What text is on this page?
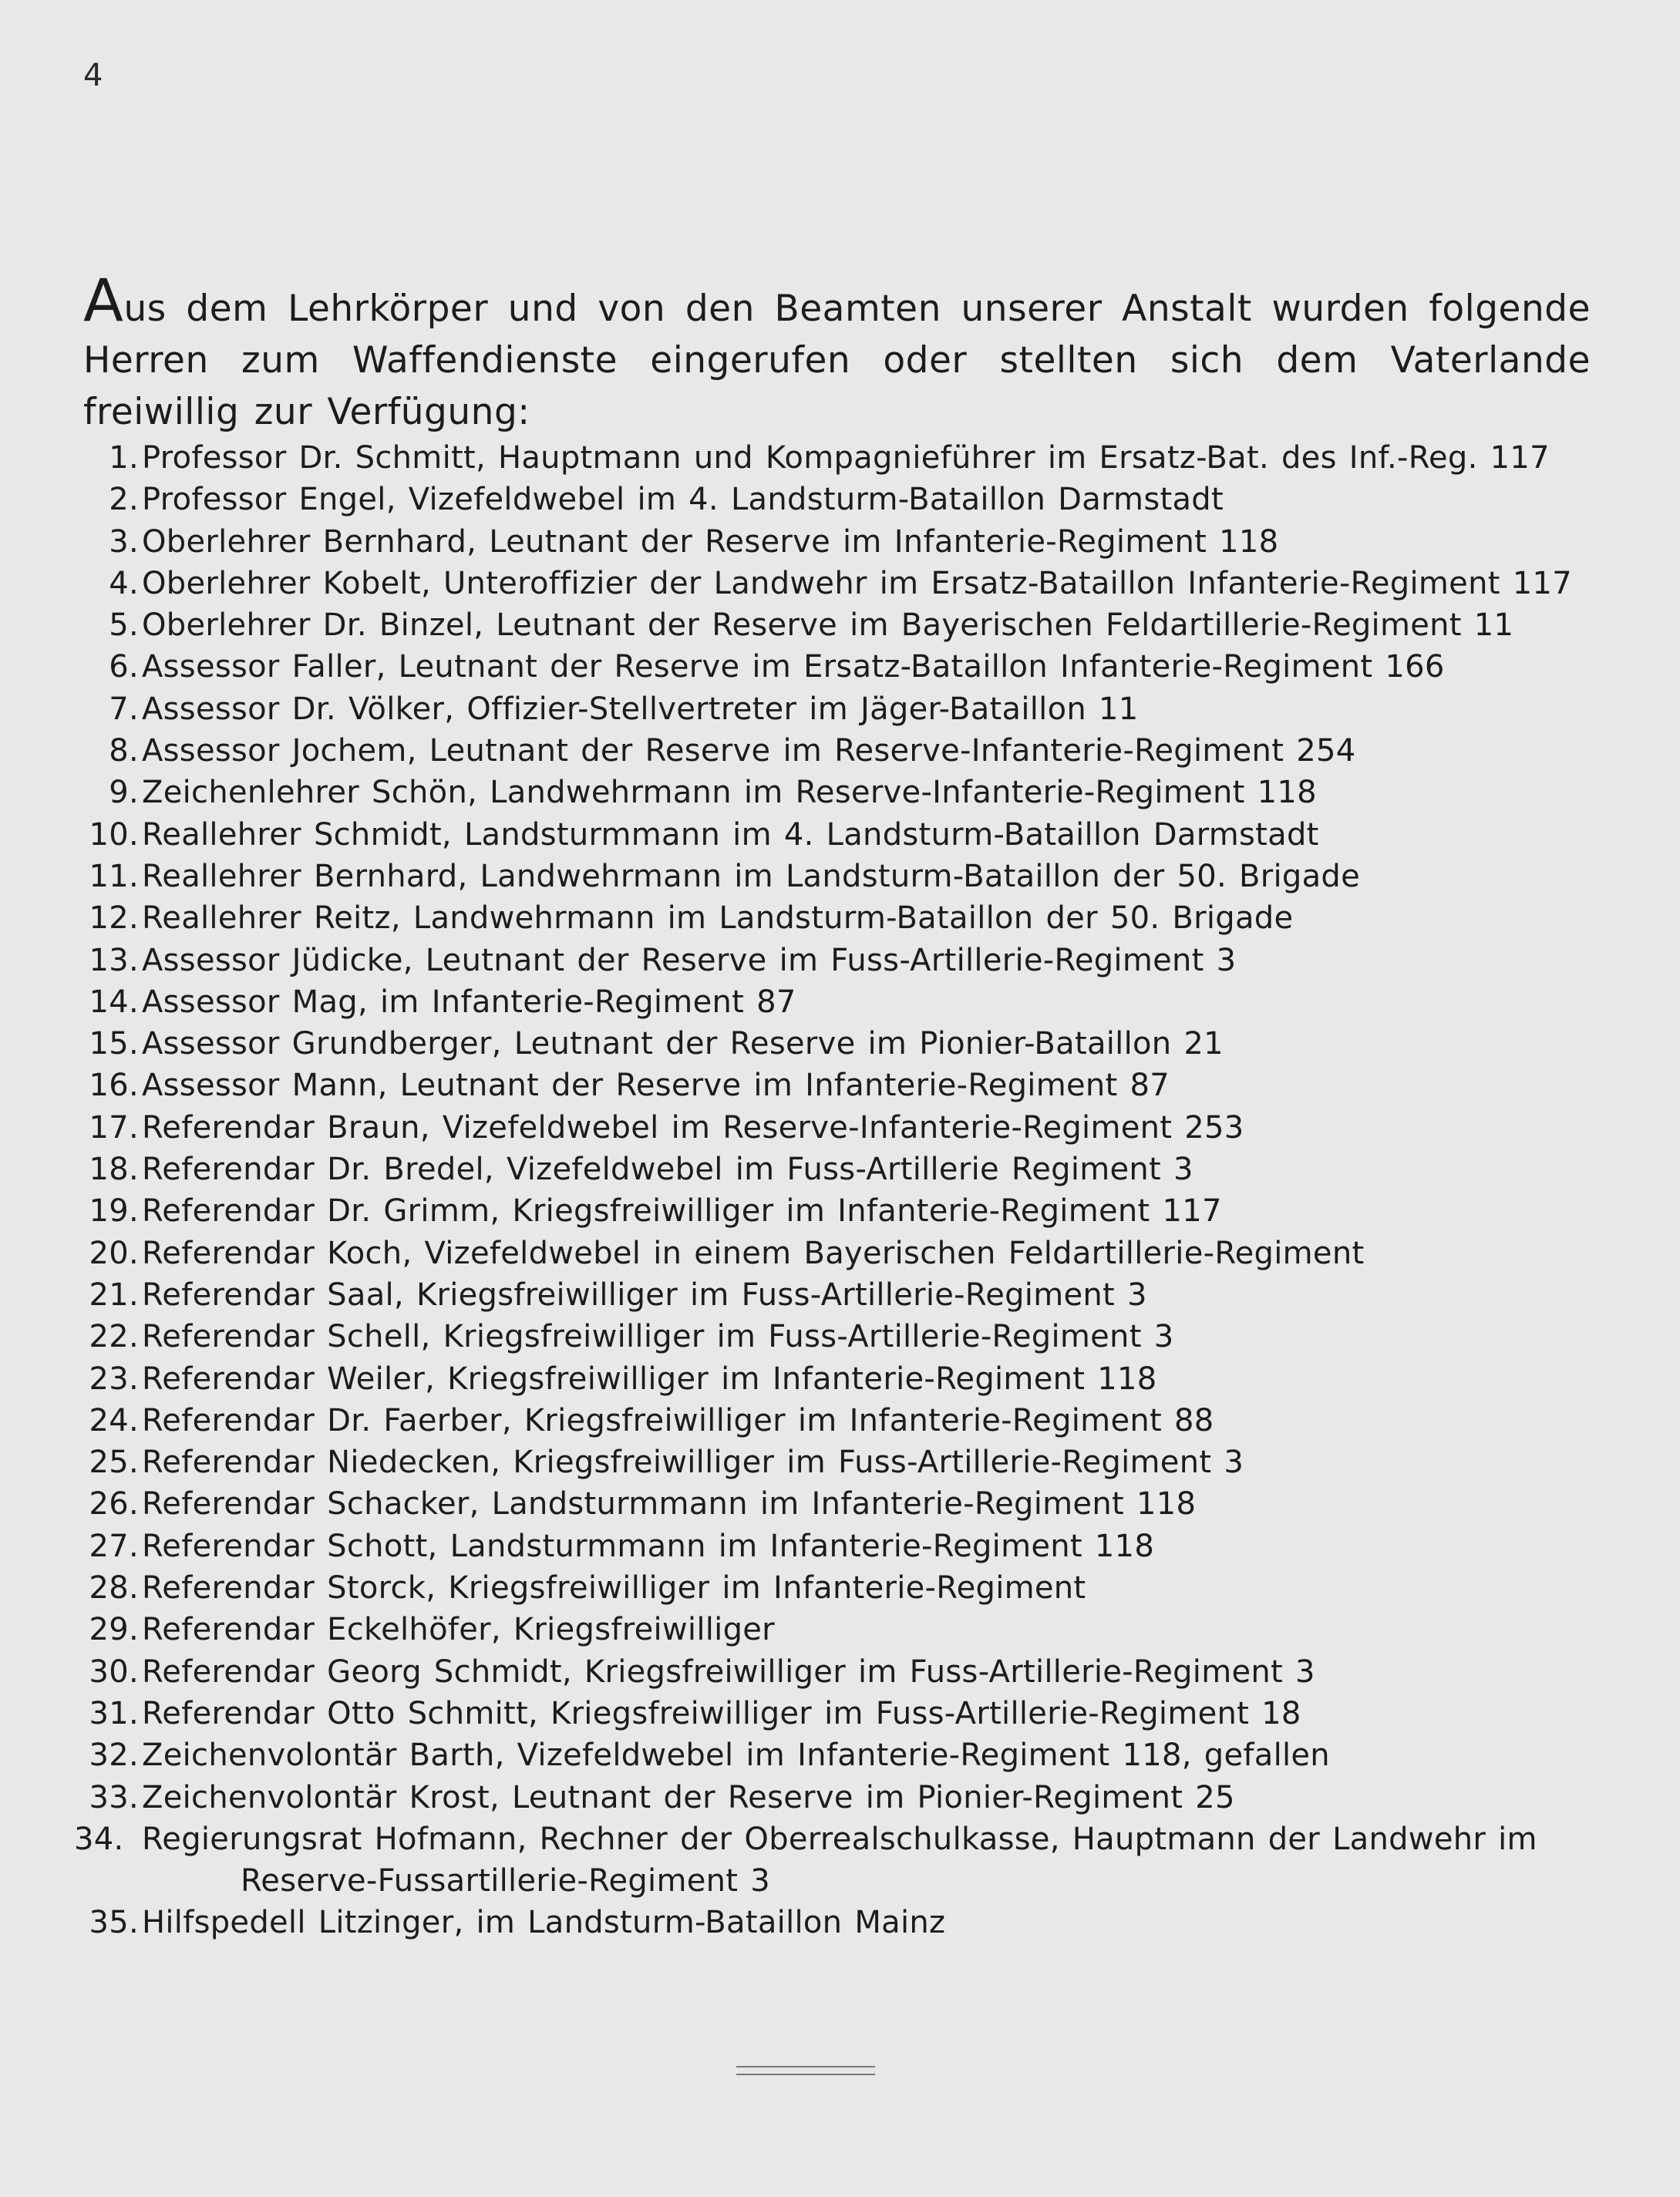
4

Aus dem Lehrkörper und von den Beamten unserer Anstalt wurden folgende Herren zum Waffendienste eingerufen oder stellten sich dem Vaterlande freiwillig zur Verfügung:

1. Professor Dr. Schmitt, Hauptmann und Kompagnieführer im Ersatz-Bat. des Inf.-Reg. 117
2. Professor Engel, Vizefeldwebel im 4. Landsturm-Bataillon Darmstadt
3. Oberlehrer Bernhard, Leutnant der Reserve im Infanterie-Regiment 118
4. Oberlehrer Kobelt, Unteroffizier der Landwehr im Ersatz-Bataillon Infanterie-Regiment 117
5. Oberlehrer Dr. Binzel, Leutnant der Reserve im Bayerischen Feldartillerie-Regiment 11
6. Assessor Faller, Leutnant der Reserve im Ersatz-Bataillon Infanterie-Regiment 166
7. Assessor Dr. Völker, Offizier-Stellvertreter im Jäger-Bataillon 11
8. Assessor Jochem, Leutnant der Reserve im Reserve-Infanterie-Regiment 254
9. Zeichenlehrer Schön, Landwehrmann im Reserve-Infanterie-Regiment 118
10. Reallehrer Schmidt, Landsturmmann im 4. Landsturm-Bataillon Darmstadt
11. Reallehrer Bernhard, Landwehrmann im Landsturm-Bataillon der 50. Brigade
12. Reallehrer Reitz, Landwehrmann im Landsturm-Bataillon der 50. Brigade
13. Assessor Jüdicke, Leutnant der Reserve im Fuss-Artillerie-Regiment 3
14. Assessor Mag, im Infanterie-Regiment 87
15. Assessor Grundberger, Leutnant der Reserve im Pionier-Bataillon 21
16. Assessor Mann, Leutnant der Reserve im Infanterie-Regiment 87
17. Referendar Braun, Vizefeldwebel im Reserve-Infanterie-Regiment 253
18. Referendar Dr. Bredel, Vizefeldwebel im Fuss-Artillerie Regiment 3
19. Referendar Dr. Grimm, Kriegsfreiwilliger im Infanterie-Regiment 117
20. Referendar Koch, Vizefeldwebel in einem Bayerischen Feldartillerie-Regiment
21. Referendar Saal, Kriegsfreiwilliger im Fuss-Artillerie-Regiment 3
22. Referendar Schell, Kriegsfreiwilliger im Fuss-Artillerie-Regiment 3
23. Referendar Weiler, Kriegsfreiwilliger im Infanterie-Regiment 118
24. Referendar Dr. Faerber, Kriegsfreiwilliger im Infanterie-Regiment 88
25. Referendar Niedecken, Kriegsfreiwilliger im Fuss-Artillerie-Regiment 3
26. Referendar Schacker, Landsturmmann im Infanterie-Regiment 118
27. Referendar Schott, Landsturmmann im Infanterie-Regiment 118
28. Referendar Storck, Kriegsfreiwilliger im Infanterie-Regiment
29. Referendar Eckelhöfer, Kriegsfreiwilliger
30. Referendar Georg Schmidt, Kriegsfreiwilliger im Fuss-Artillerie-Regiment 3
31. Referendar Otto Schmitt, Kriegsfreiwilliger im Fuss-Artillerie-Regiment 18
32. Zeichenvolontär Barth, Vizefeldwebel im Infanterie-Regiment 118, gefallen
33. Zeichenvolontär Krost, Leutnant der Reserve im Pionier-Regiment 25
34. Regierungsrat Hofmann, Rechner der Oberrealschulkasse, Hauptmann der Landwehr im
Reserve-Fussartillerie-Regiment 3
35. Hilfspedell Litzinger, im Landsturm-Bataillon Mainz
